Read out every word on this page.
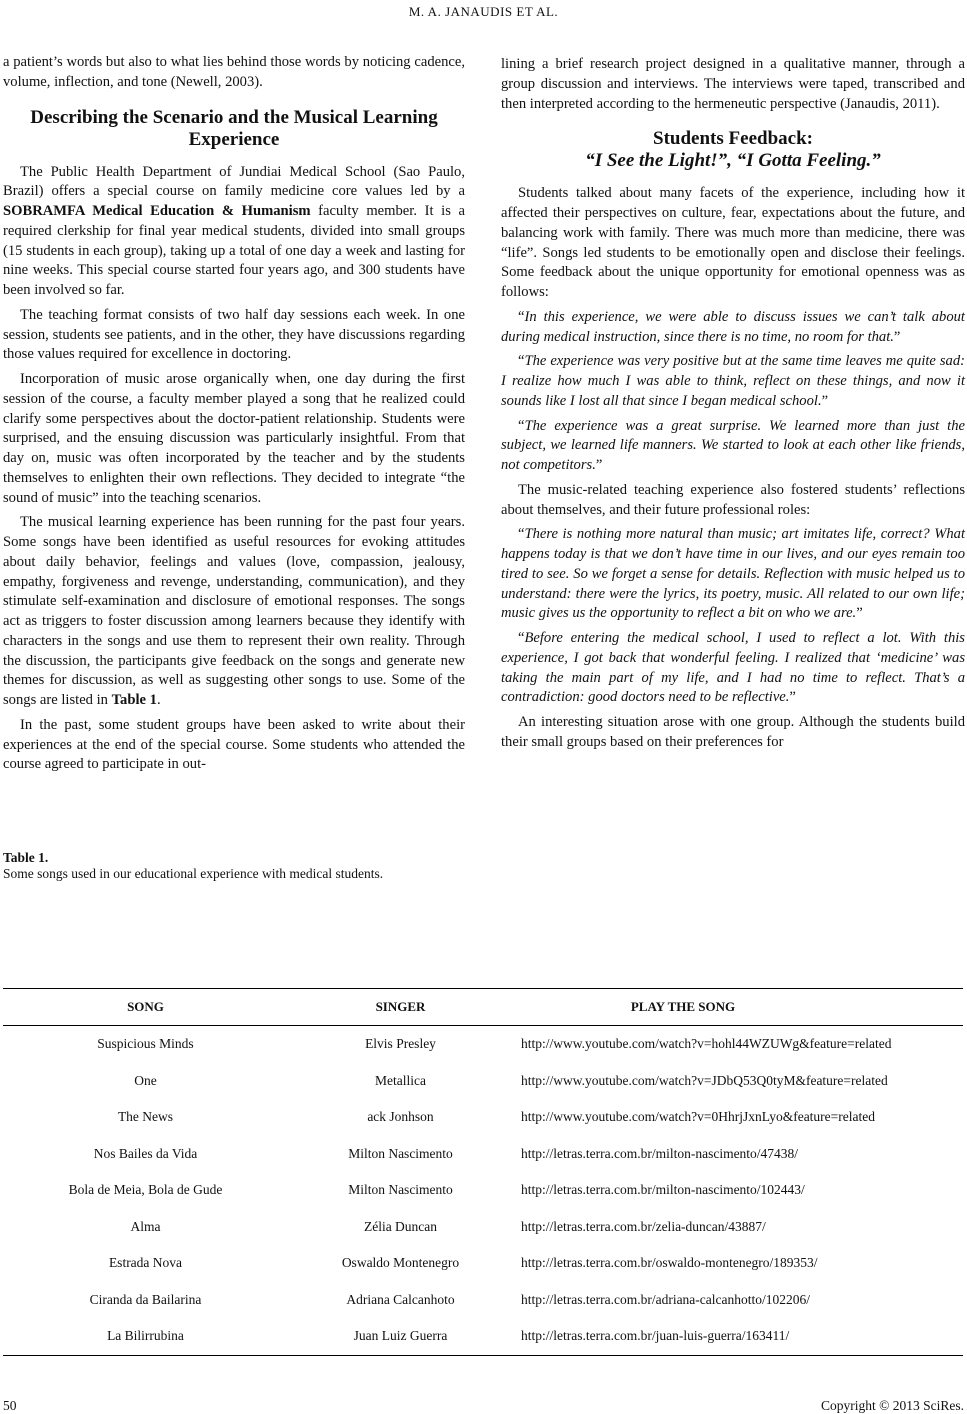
M. A. JANAUDIS ET AL.

a patient’s words but also to what lies behind those words by noticing cadence, volume, inflection, and tone (Newell, 2003).

Describing the Scenario and the Musical Learning Experience

The Public Health Department of Jundiai Medical School (Sao Paulo, Brazil) offers a special course on family medicine core values led by a SOBRAMFA Medical Education & Humanism faculty member. It is a required clerkship for final year medical students, divided into small groups (15 students in each group), taking up a total of one day a week and lasting for nine weeks. This special course started four years ago, and 300 students have been involved so far.

The teaching format consists of two half day sessions each week. In one session, students see patients, and in the other, they have discussions regarding those values required for excellence in doctoring.

Incorporation of music arose organically when, one day during the first session of the course, a faculty member played a song that he realized could clarify some perspectives about the doctor-patient relationship. Students were surprised, and the ensuing discussion was particularly insightful. From that day on, music was often incorporated by the teacher and by the students themselves to enlighten their own reflections. They decided to integrate “the sound of music” into the teaching scenarios.

The musical learning experience has been running for the past four years. Some songs have been identified as useful resources for evoking attitudes about daily behavior, feelings and values (love, compassion, jealousy, empathy, forgiveness and revenge, understanding, communication), and they stimulate self-examination and disclosure of emotional responses. The songs act as triggers to foster discussion among learners because they identify with characters in the songs and use them to represent their own reality. Through the discussion, the participants give feedback on the songs and generate new themes for discussion, as well as suggesting other songs to use. Some of the songs are listed in Table 1.

In the past, some student groups have been asked to write about their experiences at the end of the special course. Some students who attended the course agreed to participate in out-

lining a brief research project designed in a qualitative manner, through a group discussion and interviews. The interviews were taped, transcribed and then interpreted according to the hermeneutic perspective (Janaudis, 2011).

Students Feedback:
“I See the Light!”, “I Gotta Feeling.”

Students talked about many facets of the experience, including how it affected their perspectives on culture, fear, expectations about the future, and balancing work with family. There was much more than medicine, there was “life”. Songs led students to be emotionally open and disclose their feelings. Some feedback about the unique opportunity for emotional openness was as follows:

“In this experience, we were able to discuss issues we can’t talk about during medical instruction, since there is no time, no room for that.”

“The experience was very positive but at the same time leaves me quite sad: I realize how much I was able to think, reflect on these things, and now it sounds like I lost all that since I began medical school.”

“The experience was a great surprise. We learned more than just the subject, we learned life manners. We started to look at each other like friends, not competitors.”

The music-related teaching experience also fostered students’ reflections about themselves, and their future professional roles:

“There is nothing more natural than music; art imitates life, correct? What happens today is that we don’t have time in our lives, and our eyes remain too tired to see. So we forget a sense for details. Reflection with music helped us to understand: there were the lyrics, its poetry, music. All related to our own life; music gives us the opportunity to reflect a bit on who we are.”

“Before entering the medical school, I used to reflect a lot. With this experience, I got back that wonderful feeling. I realized that ‘medicine’ was taking the main part of my life, and I had no time to reflect. That’s a contradiction: good doctors need to be reflective.”

An interesting situation arose with one group. Although the students build their small groups based on their preferences for

Table 1.
Some songs used in our educational experience with medical students.
SONG	SINGER	PLAY THE SONG
Suspicious Minds	Elvis Presley	http://www.youtube.com/watch?v=hohl44WZUWg&feature=related
One	Metallica	http://www.youtube.com/watch?v=JDbQ53Q0tyM&feature=related
The News	ack Jonhson	http://www.youtube.com/watch?v=0HhrjJxnLyo&feature=related
Nos Bailes da Vida	Milton Nascimento	http://letras.terra.com.br/milton-nascimento/47438/
Bola de Meia, Bola de Gude	Milton Nascimento	http://letras.terra.com.br/milton-nascimento/102443/
Alma	Zélia Duncan	http://letras.terra.com.br/zelia-duncan/43887/
Estrada Nova	Oswaldo Montenegro	http://letras.terra.com.br/oswaldo-montenegro/189353/
Ciranda da Bailarina	Adriana Calcanhoto	http://letras.terra.com.br/adriana-calcanhotto/102206/
La Bilirrubina	Juan Luiz Guerra	http://letras.terra.com.br/juan-luis-guerra/163411/
50	Copyright © 2013 SciRes.
